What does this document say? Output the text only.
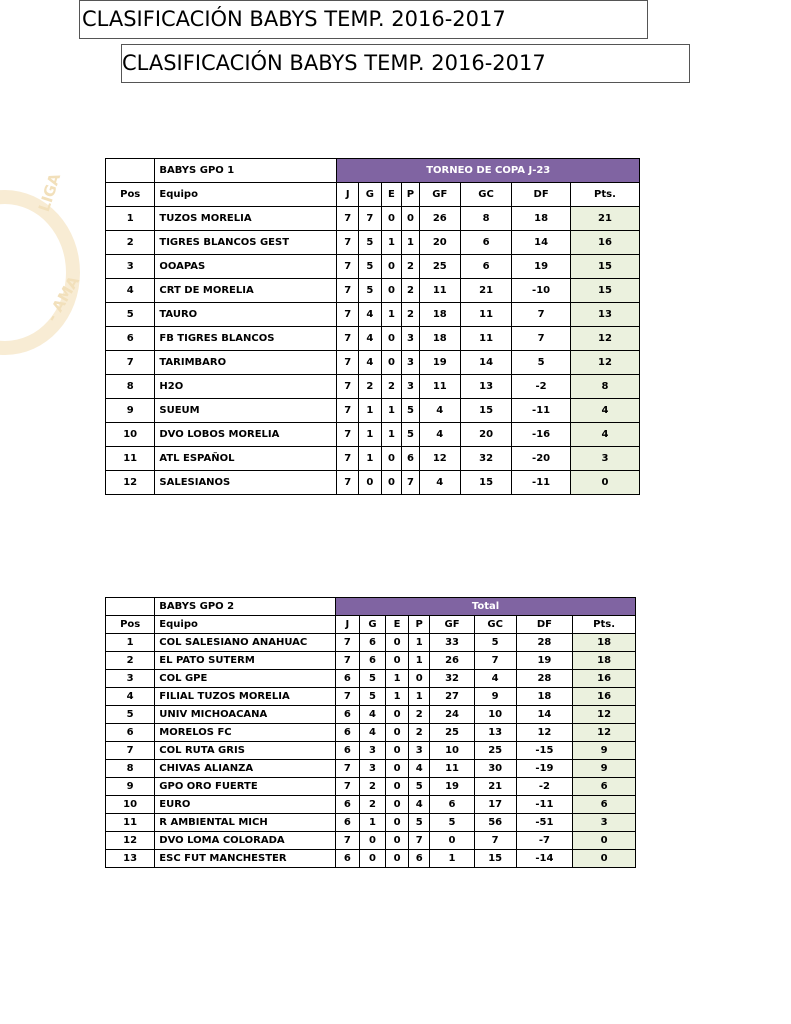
LIGA
- AMA
CLASIFICACIÓN BABYS TEMP. 2016-2017
CLASIFICACIÓN BABYS TEMP. 2016-2017
	BABYS GPO 1	TORNEO DE COPA J-23							
Pos	Equipo	J	G	E	P	GF	GC	DF	Pts.
1	TUZOS MORELIA	7	7	0	0	26	8	18	21
2	TIGRES BLANCOS GEST	7	5	1	1	20	6	14	16
3	OOAPAS	7	5	0	2	25	6	19	15
4	CRT DE MORELIA	7	5	0	2	11	21	-10	15
5	TAURO	7	4	1	2	18	11	7	13
6	FB TIGRES BLANCOS	7	4	0	3	18	11	7	12
7	TARIMBARO	7	4	0	3	19	14	5	12
8	H2O	7	2	2	3	11	13	-2	8
9	SUEUM	7	1	1	5	4	15	-11	4
10	DVO LOBOS MORELIA	7	1	1	5	4	20	-16	4
11	ATL ESPAÑOL	7	1	0	6	12	32	-20	3
12	SALESIANOS	7	0	0	7	4	15	-11	0
	BABYS GPO 2	Total							
Pos	Equipo	J	G	E	P	GF	GC	DF	Pts.
1	COL SALESIANO ANAHUAC	7	6	0	1	33	5	28	18
2	EL PATO SUTERM	7	6	0	1	26	7	19	18
3	COL GPE	6	5	1	0	32	4	28	16
4	FILIAL TUZOS MORELIA	7	5	1	1	27	9	18	16
5	UNIV MICHOACANA	6	4	0	2	24	10	14	12
6	MORELOS FC	6	4	0	2	25	13	12	12
7	COL RUTA GRIS	6	3	0	3	10	25	-15	9
8	CHIVAS ALIANZA	7	3	0	4	11	30	-19	9
9	GPO ORO FUERTE	7	2	0	5	19	21	-2	6
10	EURO	6	2	0	4	6	17	-11	6
11	R AMBIENTAL MICH	6	1	0	5	5	56	-51	3
12	DVO LOMA COLORADA	7	0	0	7	0	7	-7	0
13	ESC FUT MANCHESTER	6	0	0	6	1	15	-14	0
